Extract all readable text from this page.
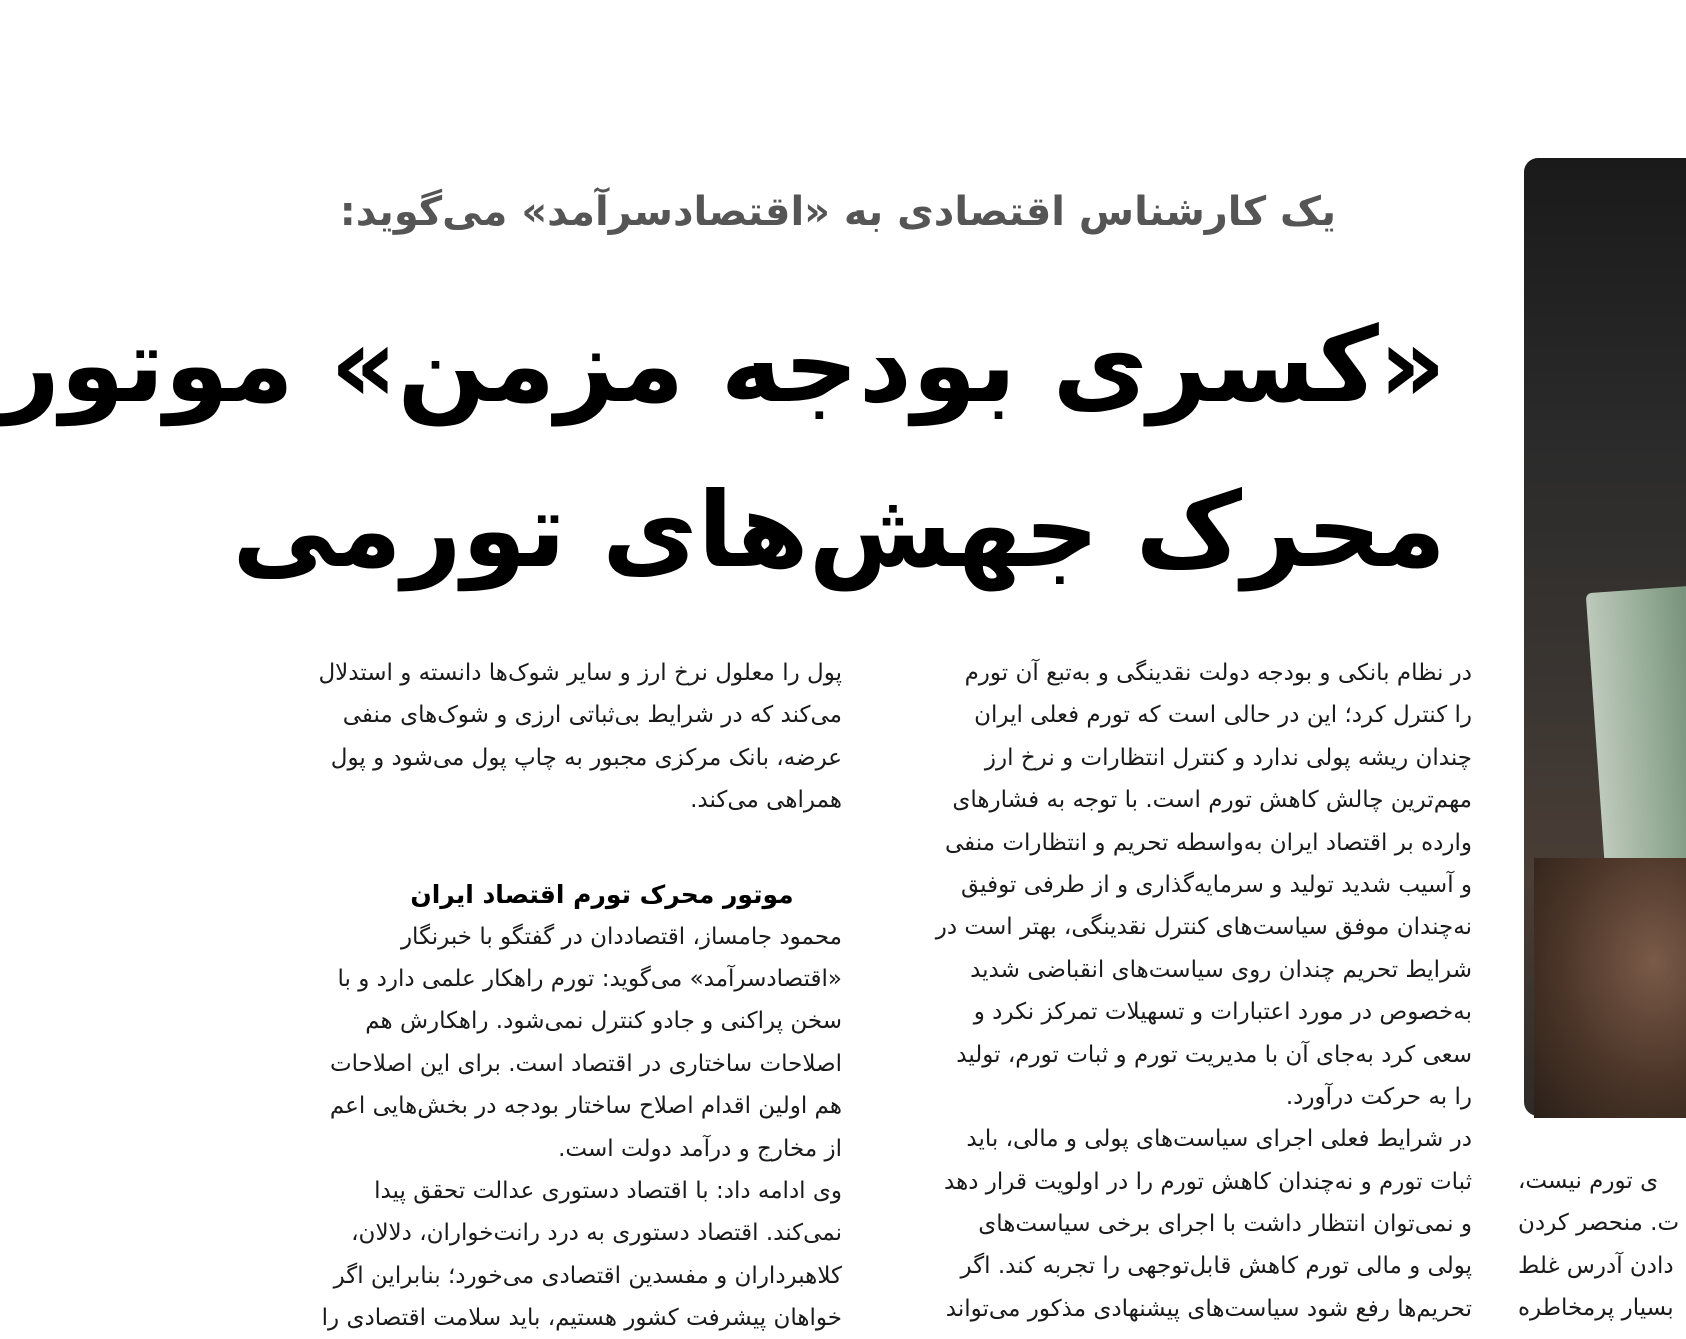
یک کارشناس اقتصادی به «اقتصادسرآمد» می‌گوید:
«کسری بودجه مزمن» موتور
محرک جهش‌های تورمی
در نظام بانکی و بودجه دولت نقدینگی و به‌تبع آن تورم
را کنترل کرد؛ این در حالی است که تورم فعلی ایران
چندان ریشه پولی ندارد و کنترل انتظارات و نرخ ارز
مهم‌ترین چالش کاهش تورم است. با توجه به فشارهای
وارده بر اقتصاد ایران به‌واسطه تحریم و انتظارات منفی
و آسیب شدید تولید و سرمایه‌گذاری و از طرفی توفیق
نه‌چندان موفق سیاست‌های کنترل نقدینگی، بهتر است در
شرایط تحریم چندان روی سیاست‌های انقباضی شدید
به‌خصوص در مورد اعتبارات و تسهیلات تمرکز نکرد و
سعی کرد به‌جای آن با مدیریت تورم و ثبات تورم، تولید
را به حرکت درآورد.
در شرایط فعلی اجرای سیاست‌های پولی و مالی، باید
ثبات تورم و نه‌چندان کاهش تورم را در اولویت قرار دهد
و نمی‌توان انتظار داشت با اجرای برخی سیاست‌های
پولی و مالی تورم کاهش قابل‌توجهی را تجربه کند. اگر
تحریم‌ها رفع شود سیاست‌های پیشنهادی مذکور می‌تواند
پول را معلول نرخ ارز و سایر شوک‌ها دانسته و استدلال
می‌کند که در شرایط بی‌ثباتی ارزی و شوک‌های منفی
عرضه، بانک مرکزی مجبور به چاپ پول می‌شود و پول
همراهی می‌کند.
موتور محرک تورم اقتصاد ایران
محمود جامساز، اقتصاددان در گفتگو با خبرنگار
«اقتصادسرآمد» می‌گوید: تورم راهکار علمی دارد و با
سخن پراکنی و جادو کنترل نمی‌شود. راهکارش هم
اصلاحات ساختاری در اقتصاد است. برای این اصلاحات
هم اولین اقدام اصلاح ساختار بودجه در بخش‌هایی اعم
از مخارج و درآمد دولت است.
وی ادامه داد: با اقتصاد دستوری عدالت تحقق پیدا
نمی‌کند. اقتصاد دستوری به درد رانت‌خواران، دلالان،
کلاهبرداران و مفسدین اقتصادی می‌خورد؛ بنابراین اگر
خواهان پیشرفت کشور هستیم، باید سلامت اقتصادی را
ی تورم نیست،
ت. منحصر کردن
دادن آدرس غلط
بسیار پرمخاطره
